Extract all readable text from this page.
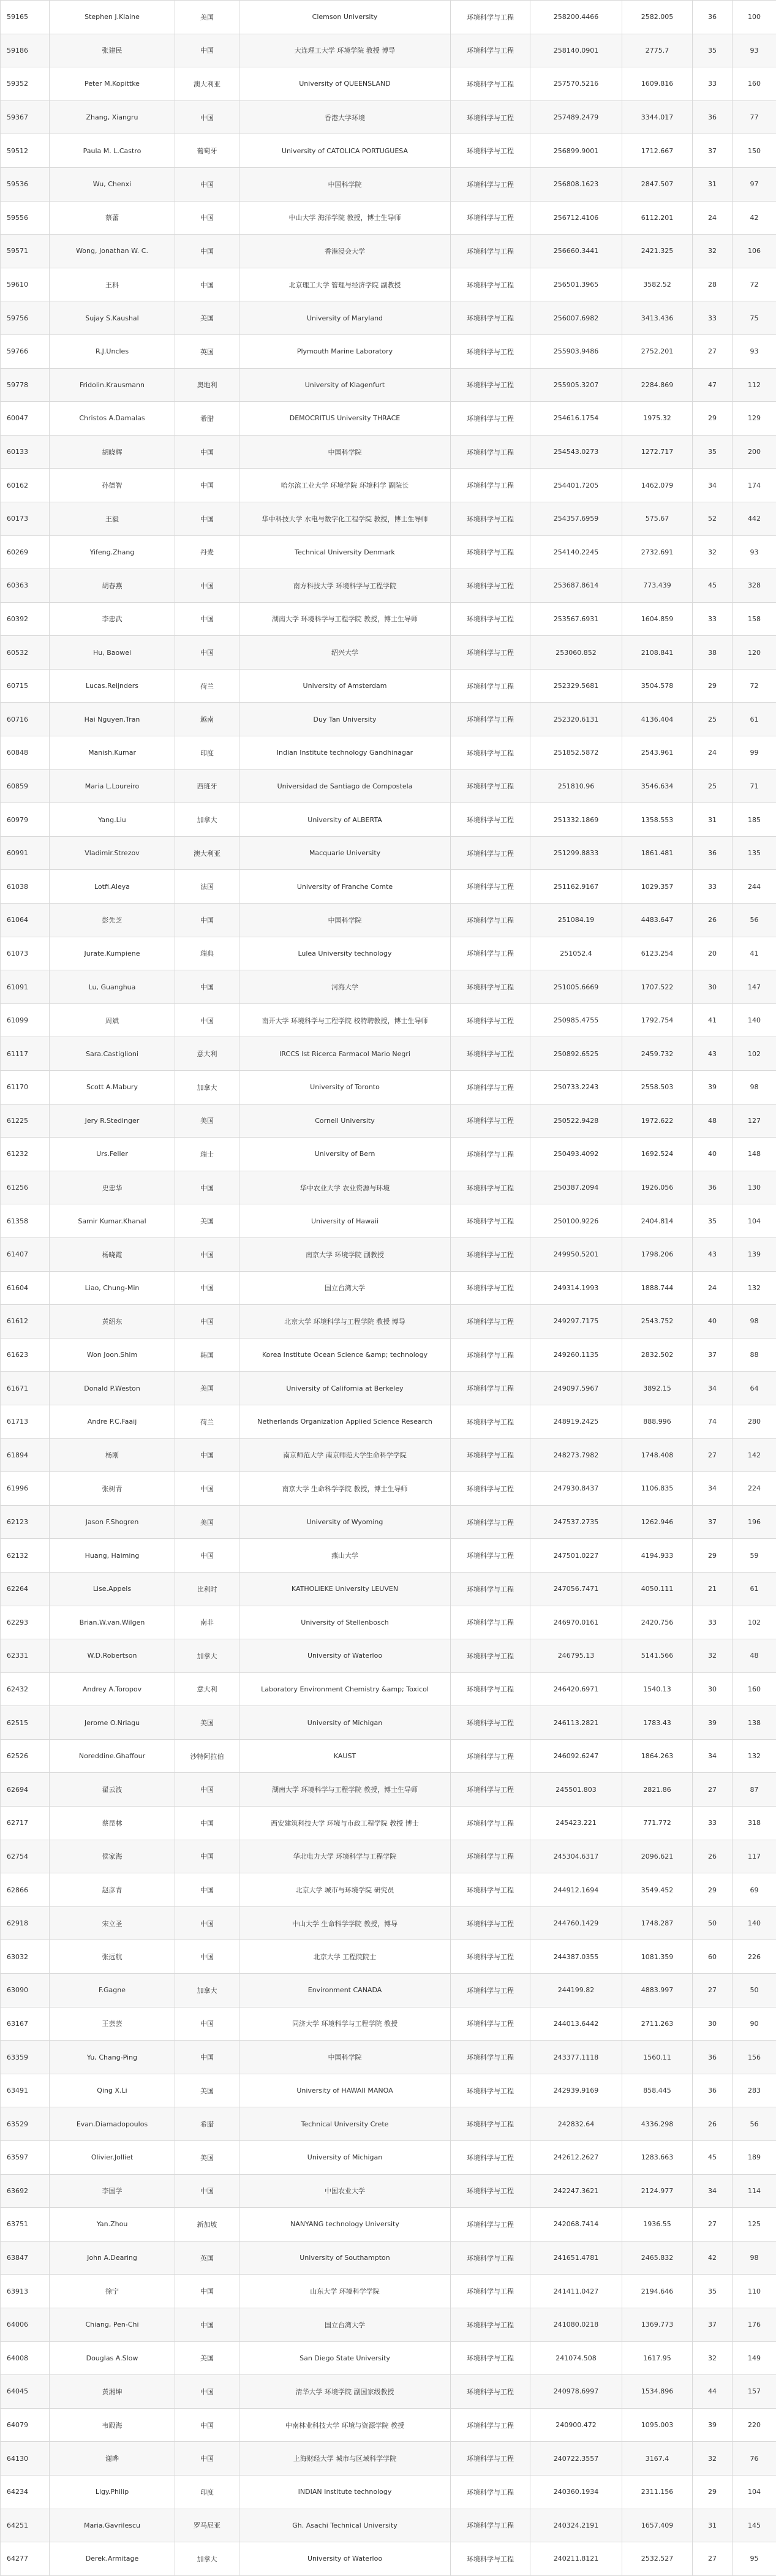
59165	Stephen J.Klaine	美国	Clemson University	环境科学与工程	258200.4466	2582.005	36	100
59186	张建民	中国	大连理工大学 环境学院 教授 博导	环境科学与工程	258140.0901	2775.7	35	93
59352	Peter M.Kopittke	澳大利亚	University of QUEENSLAND	环境科学与工程	257570.5216	1609.816	33	160
59367	Zhang, Xiangru	中国	香港大学环境	环境科学与工程	257489.2479	3344.017	36	77
59512	Paula M. L.Castro	葡萄牙	University of CATOLICA PORTUGUESA	环境科学与工程	256899.9001	1712.667	37	150
59536	Wu, Chenxi	中国	中国科学院	环境科学与工程	256808.1623	2847.507	31	97
59556	蔡蕾	中国	中山大学 海洋学院 教授，博士生导师	环境科学与工程	256712.4106	6112.201	24	42
59571	Wong, Jonathan W. C.	中国	香港浸会大学	环境科学与工程	256660.3441	2421.325	32	106
59610	王科	中国	北京理工大学 管理与经济学院 副教授	环境科学与工程	256501.3965	3582.52	28	72
59756	Sujay S.Kaushal	美国	University of Maryland	环境科学与工程	256007.6982	3413.436	33	75
59766	R.J.Uncles	英国	Plymouth Marine Laboratory	环境科学与工程	255903.9486	2752.201	27	93
59778	Fridolin.Krausmann	奥地利	University of Klagenfurt	环境科学与工程	255905.3207	2284.869	47	112
60047	Christos A.Damalas	希腊	DEMOCRITUS University THRACE	环境科学与工程	254616.1754	1975.32	29	129
60133	胡晓辉	中国	中国科学院	环境科学与工程	254543.0273	1272.717	35	200
60162	孙德智	中国	哈尔滨工业大学 环境学院 环境科学 副院长	环境科学与工程	254401.7205	1462.079	34	174
60173	王毅	中国	华中科技大学 水电与数字化工程学院 教授，博士生导师	环境科学与工程	254357.6959	575.67	52	442
60269	Yifeng.Zhang	丹麦	Technical University Denmark	环境科学与工程	254140.2245	2732.691	32	93
60363	胡春燕	中国	南方科技大学 环境科学与工程学院	环境科学与工程	253687.8614	773.439	45	328
60392	李忠武	中国	湖南大学 环境科学与工程学院 教授，博士生导师	环境科学与工程	253567.6931	1604.859	33	158
60532	Hu, Baowei	中国	绍兴大学	环境科学与工程	253060.852	2108.841	38	120
60715	Lucas.Reijnders	荷兰	University of Amsterdam	环境科学与工程	252329.5681	3504.578	29	72
60716	Hai Nguyen.Tran	越南	Duy Tan University	环境科学与工程	252320.6131	4136.404	25	61
60848	Manish.Kumar	印度	Indian Institute technology Gandhinagar	环境科学与工程	251852.5872	2543.961	24	99
60859	Maria L.Loureiro	西班牙	Universidad de Santiago de Compostela	环境科学与工程	251810.96	3546.634	25	71
60979	Yang.Liu	加拿大	University of ALBERTA	环境科学与工程	251332.1869	1358.553	31	185
60991	Vladimir.Strezov	澳大利亚	Macquarie University	环境科学与工程	251299.8833	1861.481	36	135
61038	Lotfi.Aleya	法国	University of Franche Comte	环境科学与工程	251162.9167	1029.357	33	244
61064	彭先芝	中国	中国科学院	环境科学与工程	251084.19	4483.647	26	56
61073	Jurate.Kumpiene	瑞典	Lulea University technology	环境科学与工程	251052.4	6123.254	20	41
61091	Lu, Guanghua	中国	河海大学	环境科学与工程	251005.6669	1707.522	30	147
61099	周斌	中国	南开大学 环境科学与工程学院 校特聘教授，博士生导师	环境科学与工程	250985.4755	1792.754	41	140
61117	Sara.Castiglioni	意大利	IRCCS Ist Ricerca Farmacol Mario Negri	环境科学与工程	250892.6525	2459.732	43	102
61170	Scott A.Mabury	加拿大	University of Toronto	环境科学与工程	250733.2243	2558.503	39	98
61225	Jery R.Stedinger	美国	Cornell University	环境科学与工程	250522.9428	1972.622	48	127
61232	Urs.Feller	瑞士	University of Bern	环境科学与工程	250493.4092	1692.524	40	148
61256	史忠华	中国	华中农业大学 农业资源与环境	环境科学与工程	250387.2094	1926.056	36	130
61358	Samir Kumar.Khanal	美国	University of Hawaii	环境科学与工程	250100.9226	2404.814	35	104
61407	杨晓霞	中国	南京大学 环境学院 副教授	环境科学与工程	249950.5201	1798.206	43	139
61604	Liao, Chung-Min	中国	国立台湾大学	环境科学与工程	249314.1993	1888.744	24	132
61612	黄绍东	中国	北京大学 环境科学与工程学院 教授 博导	环境科学与工程	249297.7175	2543.752	40	98
61623	Won Joon.Shim	韩国	Korea Institute Ocean Science &amp; technology	环境科学与工程	249260.1135	2832.502	37	88
61671	Donald P.Weston	美国	University of California at Berkeley	环境科学与工程	249097.5967	3892.15	34	64
61713	Andre P.C.Faaij	荷兰	Netherlands Organization Applied Science Research	环境科学与工程	248919.2425	888.996	74	280
61894	杨刚	中国	南京师范大学 南京师范大学生命科学学院	环境科学与工程	248273.7982	1748.408	27	142
61996	张树青	中国	南京大学 生命科学学院 教授，博士生导师	环境科学与工程	247930.8437	1106.835	34	224
62123	Jason F.Shogren	美国	University of Wyoming	环境科学与工程	247537.2735	1262.946	37	196
62132	Huang, Haiming	中国	燕山大学	环境科学与工程	247501.0227	4194.933	29	59
62264	Lise.Appels	比利时	KATHOLIEKE University LEUVEN	环境科学与工程	247056.7471	4050.111	21	61
62293	Brian.W.van.Wilgen	南非	University of Stellenbosch	环境科学与工程	246970.0161	2420.756	33	102
62331	W.D.Robertson	加拿大	University of Waterloo	环境科学与工程	246795.13	5141.566	32	48
62432	Andrey A.Toropov	意大利	Laboratory Environment Chemistry &amp; Toxicol	环境科学与工程	246420.6971	1540.13	30	160
62515	Jerome O.Nriagu	美国	University of Michigan	环境科学与工程	246113.2821	1783.43	39	138
62526	Noreddine.Ghaffour	沙特阿拉伯	KAUST	环境科学与工程	246092.6247	1864.263	34	132
62694	翟云波	中国	湖南大学 环境科学与工程学院 教授，博士生导师	环境科学与工程	245501.803	2821.86	27	87
62717	蔡昆林	中国	西安建筑科技大学 环境与市政工程学院 教授 博士	环境科学与工程	245423.221	771.772	33	318
62754	侯家海	中国	华北电力大学 环境科学与工程学院	环境科学与工程	245304.6317	2096.621	26	117
62866	赵彦青	中国	北京大学 城市与环境学院 研究员	环境科学与工程	244912.1694	3549.452	29	69
62918	宋立圣	中国	中山大学 生命科学学院 教授，博导	环境科学与工程	244760.1429	1748.287	50	140
63032	张远航	中国	北京大学 工程院院士	环境科学与工程	244387.0355	1081.359	60	226
63090	F.Gagne	加拿大	Environment CANADA	环境科学与工程	244199.82	4883.997	27	50
63167	王芸芸	中国	同济大学 环境科学与工程学院 教授	环境科学与工程	244013.6442	2711.263	30	90
63359	Yu, Chang-Ping	中国	中国科学院	环境科学与工程	243377.1118	1560.11	36	156
63491	Qing X.Li	美国	University of HAWAII MANOA	环境科学与工程	242939.9169	858.445	36	283
63529	Evan.Diamadopoulos	希腊	Technical University Crete	环境科学与工程	242832.64	4336.298	26	56
63597	Olivier.Jolliet	美国	University of Michigan	环境科学与工程	242612.2627	1283.663	45	189
63692	李国学	中国	中国农业大学	环境科学与工程	242247.3621	2124.977	34	114
63751	Yan.Zhou	新加坡	NANYANG technology University	环境科学与工程	242068.7414	1936.55	27	125
63847	John A.Dearing	英国	University of Southampton	环境科学与工程	241651.4781	2465.832	42	98
63913	徐宁	中国	山东大学 环境科学学院	环境科学与工程	241411.0427	2194.646	35	110
64006	Chiang, Pen-Chi	中国	国立台湾大学	环境科学与工程	241080.0218	1369.773	37	176
64008	Douglas A.Slow	美国	San Diego State University	环境科学与工程	241074.508	1617.95	32	149
64045	黄湘坤	中国	清华大学 环境学院 副国家级教授	环境科学与工程	240978.6997	1534.896	44	157
64079	韦殿海	中国	中南林业科技大学 环境与资源学院 教授	环境科学与工程	240900.472	1095.003	39	220
64130	谢晔	中国	上海财经大学 城市与区域科学学院	环境科学与工程	240722.3557	3167.4	32	76
64234	Ligy.Philip	印度	INDIAN Institute technology	环境科学与工程	240360.1934	2311.156	29	104
64251	Maria.Gavrilescu	罗马尼亚	Gh. Asachi Technical University	环境科学与工程	240324.2191	1657.409	31	145
64277	Derek.Armitage	加拿大	University of Waterloo	环境科学与工程	240211.8121	2532.527	27	95
